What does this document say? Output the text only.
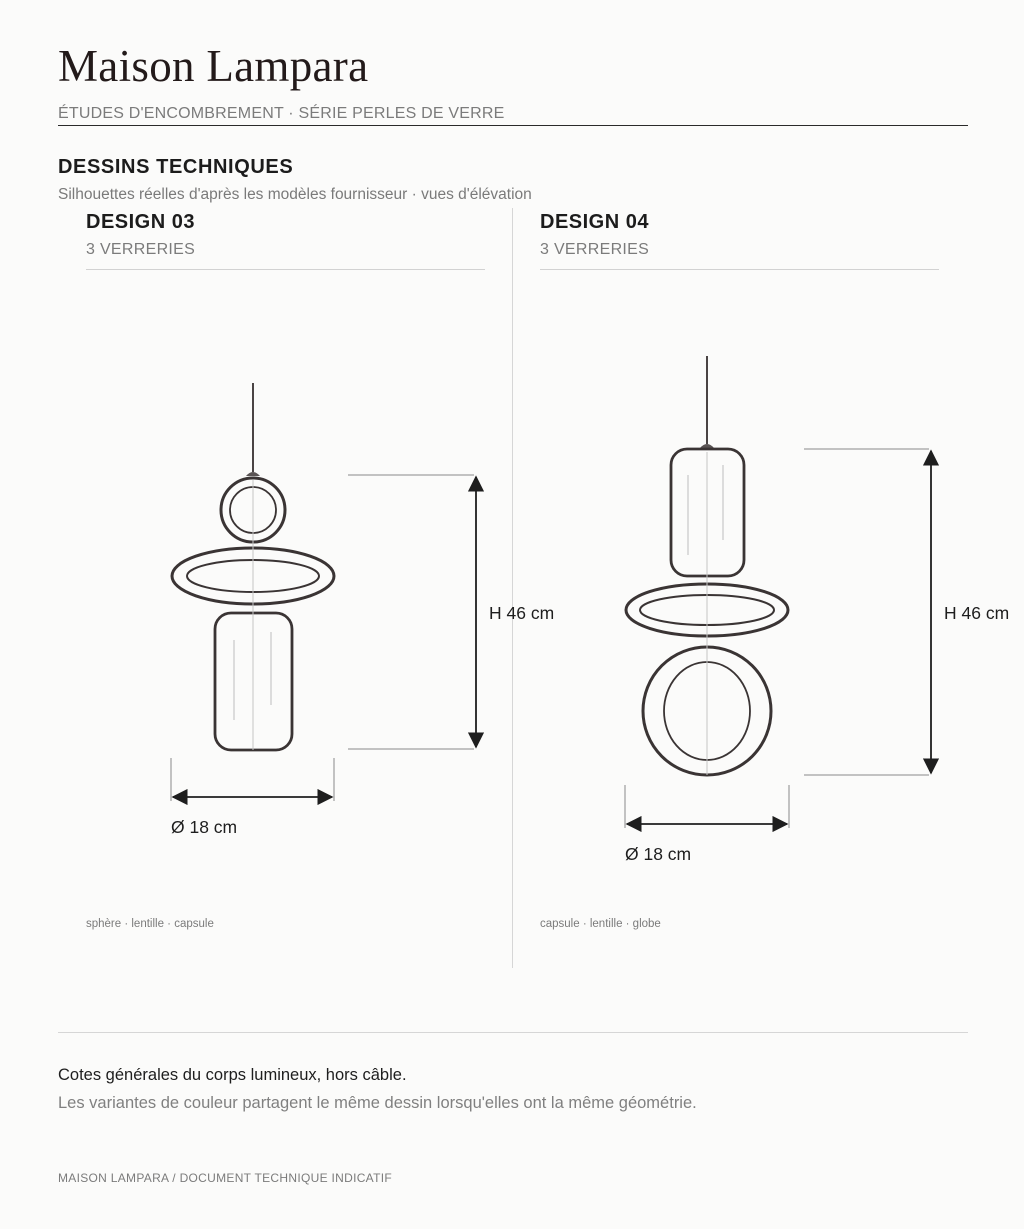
Maison Lampara
ÉTUDES D'ENCOMBREMENT · SÉRIE PERLES DE VERRE
DESSINS TECHNIQUES
Silhouettes réelles d'après les modèles fournisseur · vues d'élévation
DESIGN 03
3 VERRERIES
DESIGN 04
3 VERRERIES
H 46 cm
Ø 18 cm
H 46 cm
Ø 18 cm
sphère · lentille · capsule	capsule · lentille · globe
Cotes générales du corps lumineux, hors câble.
Les variantes de couleur partagent le même dessin lorsqu'elles ont la même géométrie.
MAISON LAMPARA / DOCUMENT TECHNIQUE INDICATIF
